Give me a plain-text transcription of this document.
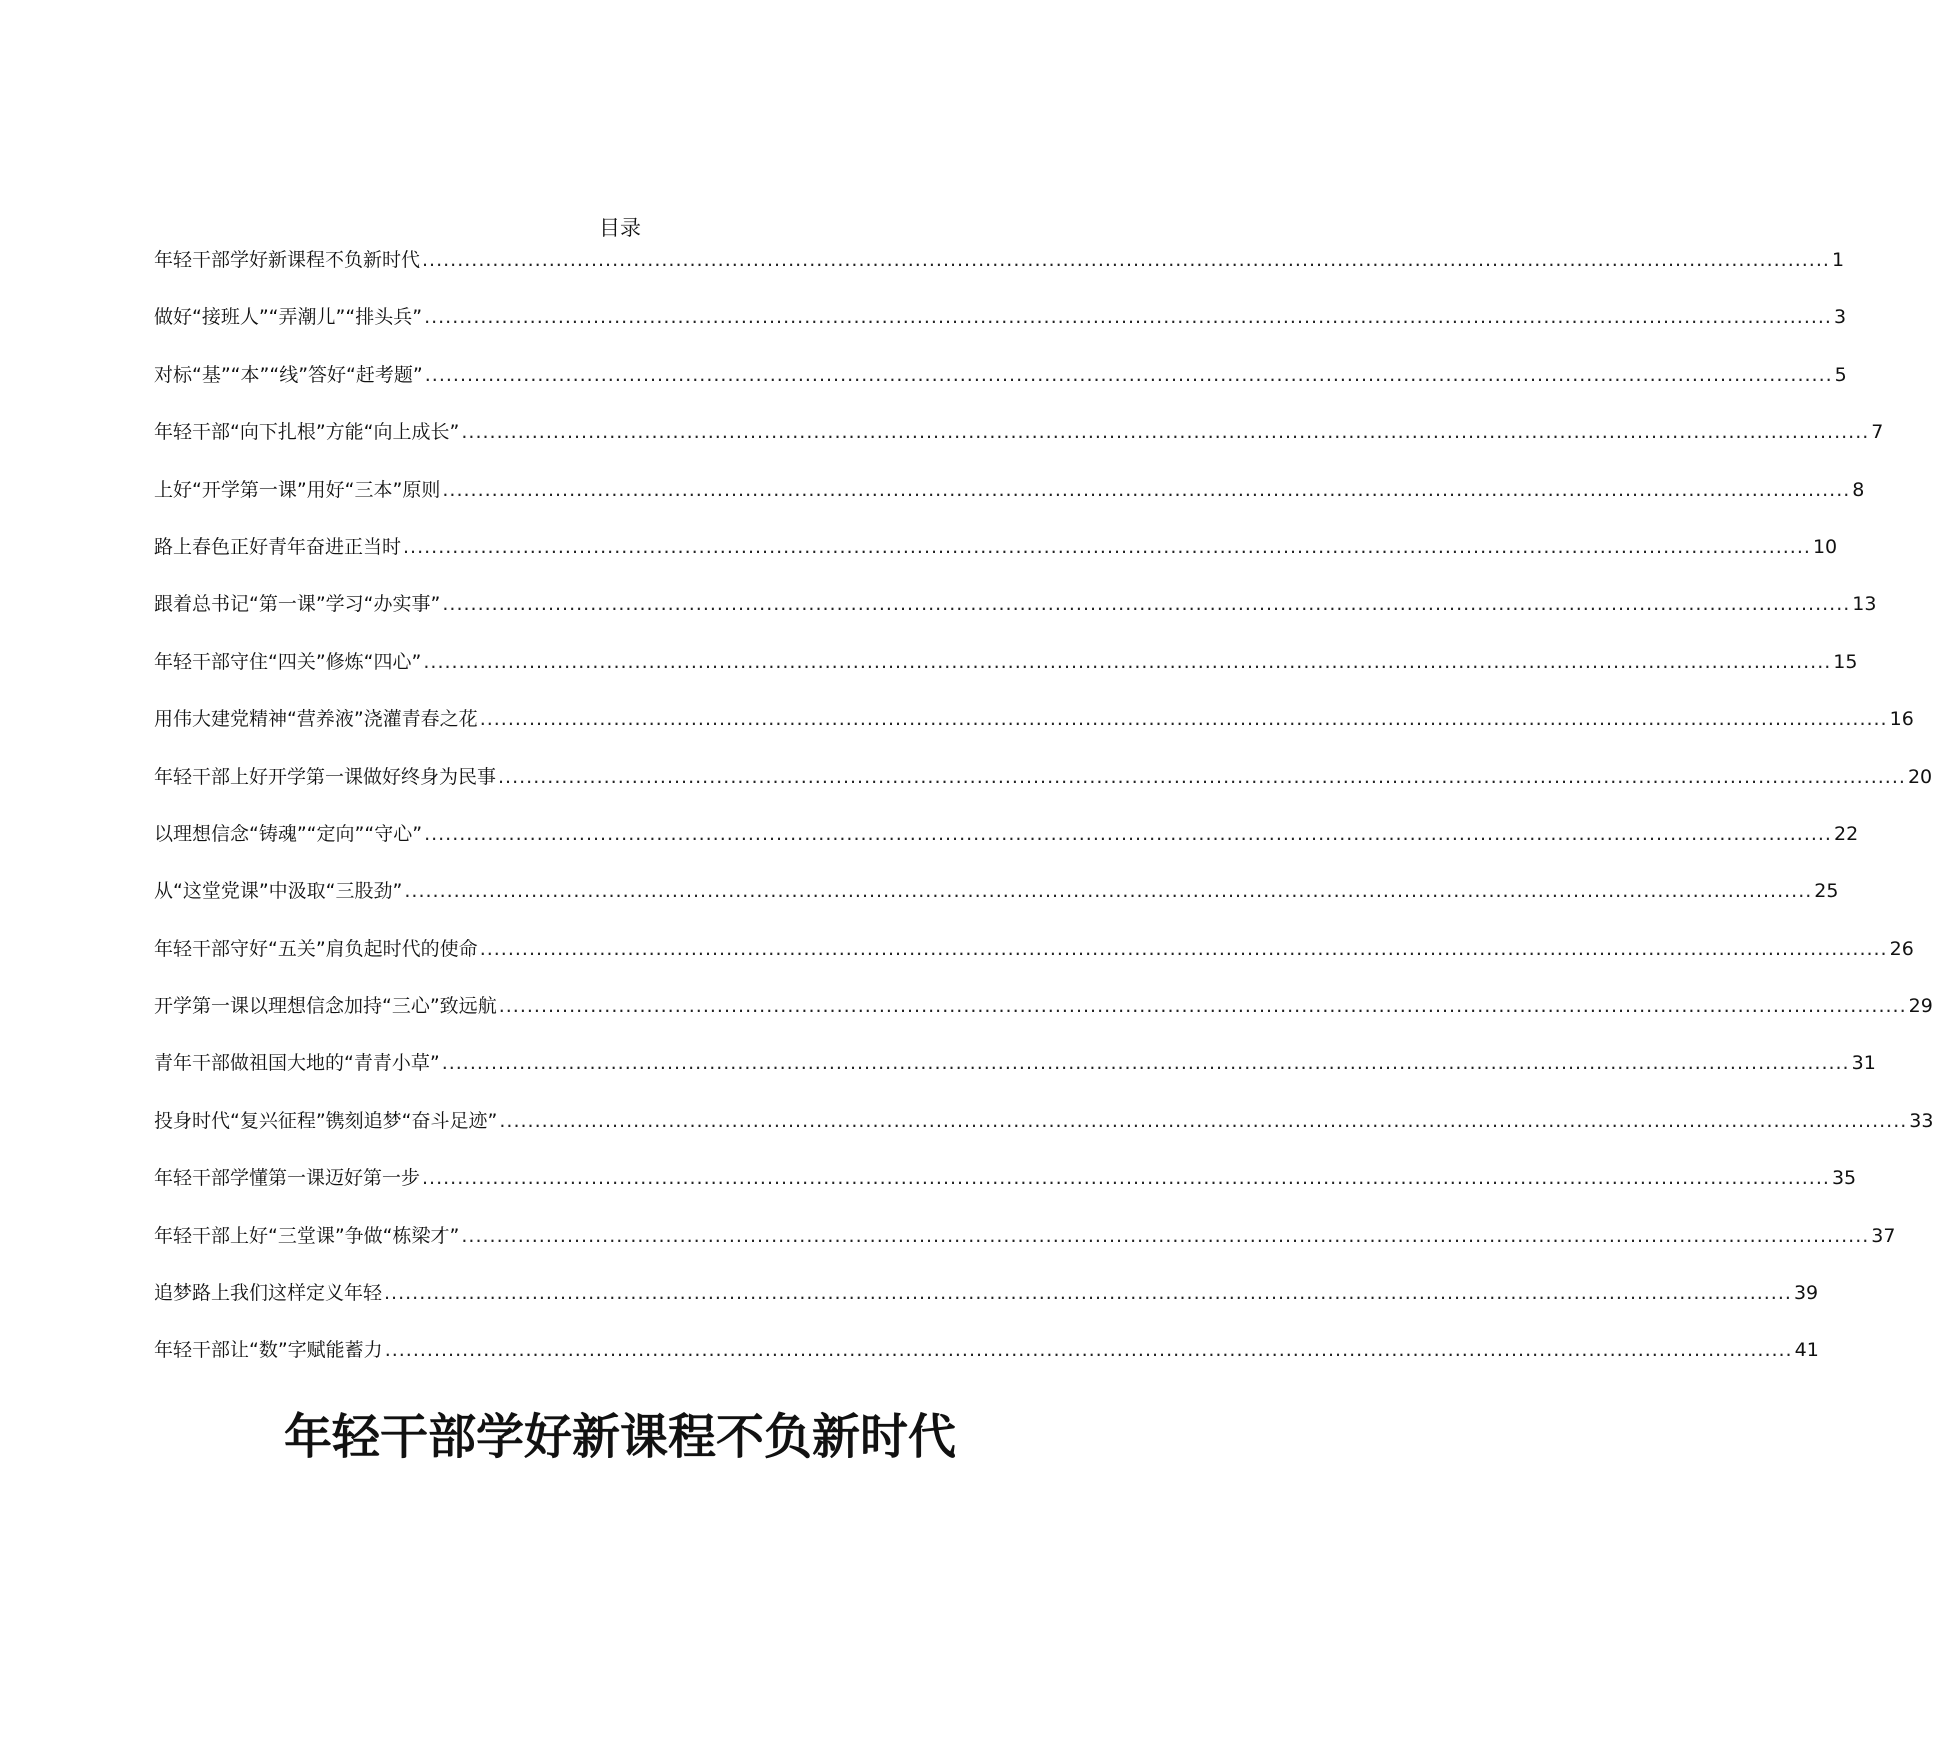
目录
年轻干部学好新课程不负新时代 ........................................................................................................................................................................................................ 1
做好“接班人”“弄潮儿”“排头兵” ........................................................................................................................................................................................................ 3
对标“基”“本”“线”答好“赶考题” ........................................................................................................................................................................................................ 5
年轻干部“向下扎根”方能“向上成长” ........................................................................................................................................................................................................ 7
上好“开学第一课”用好“三本”原则 ........................................................................................................................................................................................................ 8
路上春色正好青年奋进正当时 ........................................................................................................................................................................................................ 10
跟着总书记“第一课”学习“办实事” ........................................................................................................................................................................................................ 13
年轻干部守住“四关”修炼“四心” ........................................................................................................................................................................................................ 15
用伟大建党精神“营养液”浇灌青春之花 ........................................................................................................................................................................................................ 16
年轻干部上好开学第一课做好终身为民事 ........................................................................................................................................................................................................ 20
以理想信念“铸魂”“定向”“守心” ........................................................................................................................................................................................................ 22
从“这堂党课”中汲取“三股劲” ........................................................................................................................................................................................................ 25
年轻干部守好“五关”肩负起时代的使命 ........................................................................................................................................................................................................ 26
开学第一课以理想信念加持“三心”致远航 ........................................................................................................................................................................................................ 29
青年干部做祖国大地的“青青小草” ........................................................................................................................................................................................................ 31
投身时代“复兴征程”镌刻追梦“奋斗足迹” ........................................................................................................................................................................................................ 33
年轻干部学懂第一课迈好第一步 ........................................................................................................................................................................................................ 35
年轻干部上好“三堂课”争做“栋梁才” ........................................................................................................................................................................................................ 37
追梦路上我们这样定义年轻 ........................................................................................................................................................................................................ 39
年轻干部让“数”字赋能蓄力 ........................................................................................................................................................................................................ 41
年轻干部学好新课程不负新时代
